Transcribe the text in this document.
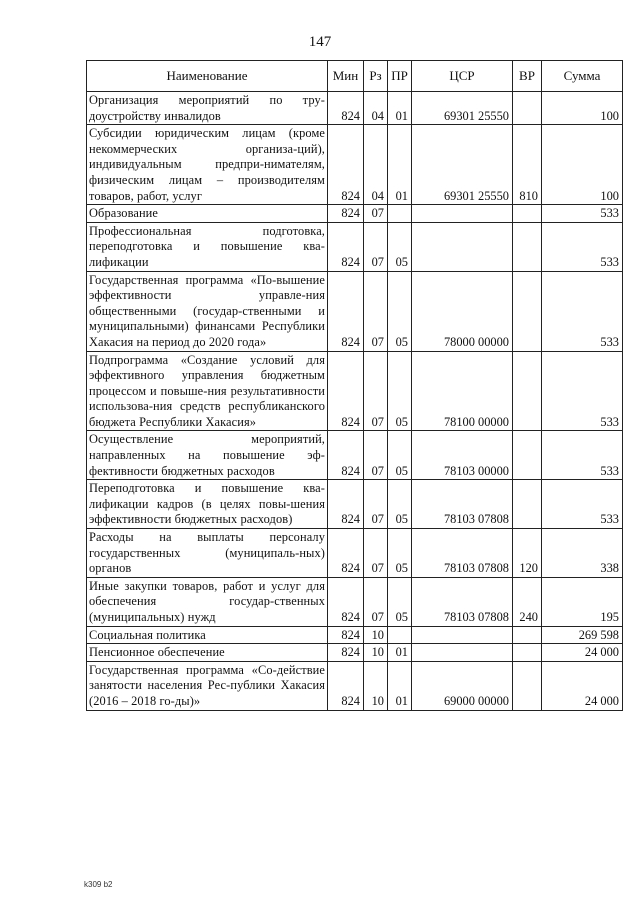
147
Наименование	Мин	Рз	ПР	ЦСР	ВР	Сумма
Организация мероприятий по тру-доустройству инвалидов	824	04	01	69301 25550		100
Субсидии юридическим лицам (кроме некоммерческих организа-ций), индивидуальным предпри-нимателям, физическим лицам – производителям товаров, работ, услуг	824	04	01	69301 25550	810	100
Образование	824	07				533
Профессиональная подготовка, переподготовка и повышение ква-лификации	824	07	05			533
Государственная программа «По-вышение эффективности управле-ния общественными (государ-ственными и муниципальными) финансами Республики Хакасия на период до 2020 года»	824	07	05	78000 00000		533
Подпрограмма «Создание условий для эффективного управления бюджетным процессом и повыше-ния результативности использова-ния средств республиканского бюджета Республики Хакасия»	824	07	05	78100 00000		533
Осуществление мероприятий, направленных на повышение эф-фективности бюджетных расходов	824	07	05	78103 00000		533
Переподготовка и повышение ква-лификации кадров (в целях повы-шения эффективности бюджетных расходов)	824	07	05	78103 07808		533
Расходы на выплаты персоналу государственных (муниципаль-ных) органов	824	07	05	78103 07808	120	338
Иные закупки товаров, работ и услуг для обеспечения государ-ственных (муниципальных) нужд	824	07	05	78103 07808	240	195
Социальная политика	824	10				269 598
Пенсионное обеспечение	824	10	01			24 000
Государственная программа «Со-действие занятости населения Рес-публики Хакасия (2016 – 2018 го-ды)»	824	10	01	69000 00000		24 000
k309 b2
